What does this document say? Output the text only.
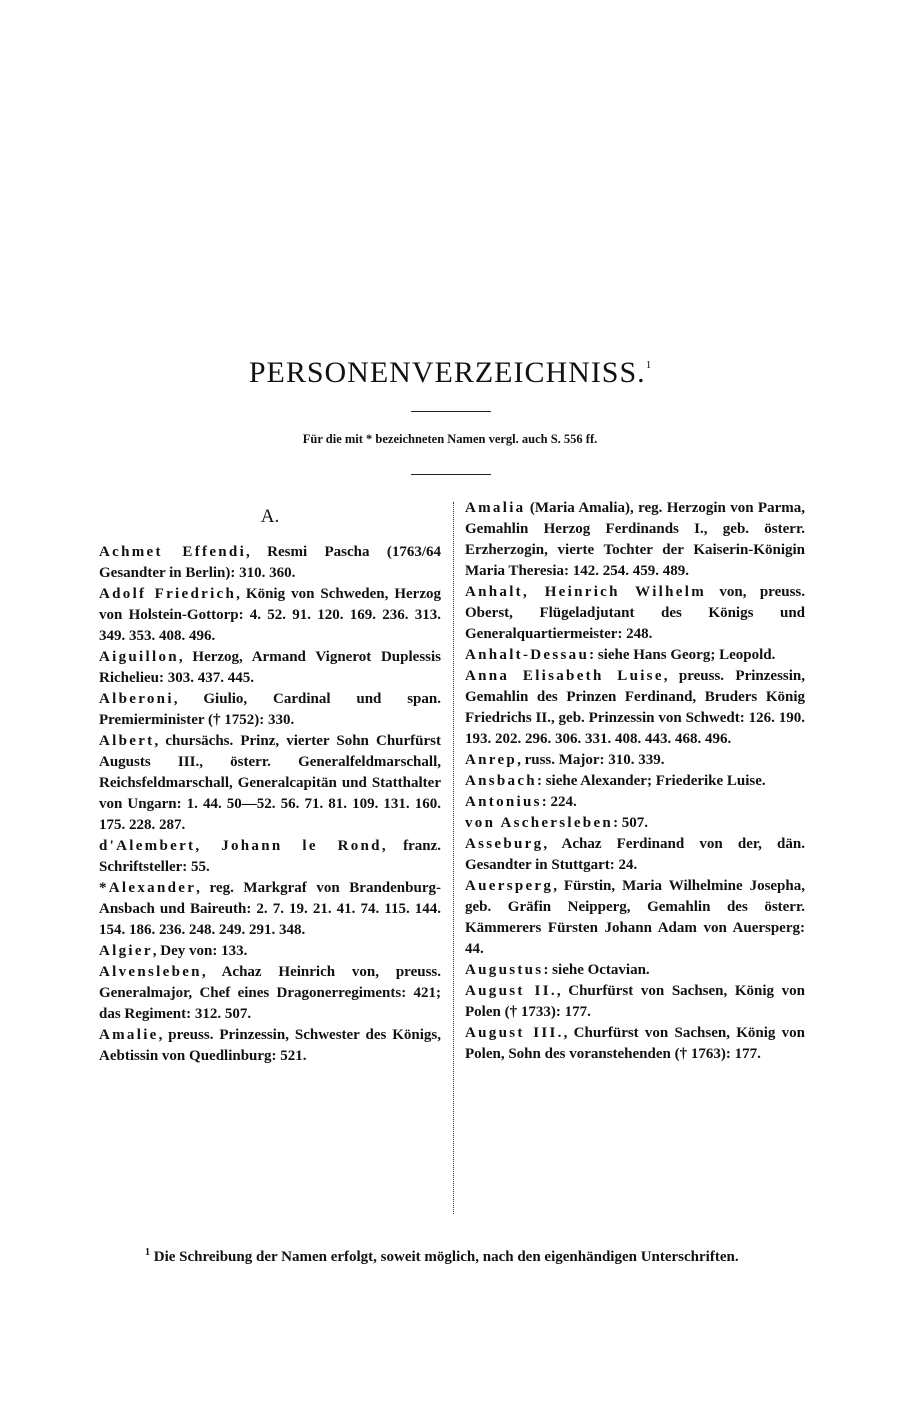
PERSONENVERZEICHNISS.$^1$
Für die mit * bezeichneten Namen vergl. auch S. 556 ff.
A.

Achmet Effendi, Resmi Pascha (1763/64 Gesandter in Berlin): 310. 360.

Adolf Friedrich, König von Schweden, Herzog von Holstein-Gottorp: 4. 52. 91. 120. 169. 236. 313. 349. 353. 408. 496.

Aiguillon, Herzog, Armand Vignerot Duplessis Richelieu: 303. 437. 445.

Alberoni, Giulio, Cardinal und span. Premierminister († 1752): 330.

Albert, chursächs. Prinz, vierter Sohn Churfürst Augusts III., österr. Generalfeldmarschall, Reichsfeldmarschall, Generalcapitän und Statthalter von Ungarn: 1. 44. 50—52. 56. 71. 81. 109. 131. 160. 175. 228. 287.

d'Alembert, Johann le Rond, franz. Schriftsteller: 55.

*Alexander, reg. Markgraf von Brandenburg-Ansbach und Baireuth: 2. 7. 19. 21. 41. 74. 115. 144. 154. 186. 236. 248. 249. 291. 348.

Algier, Dey von: 133.

Alvensleben, Achaz Heinrich von, preuss. Generalmajor, Chef eines Dragonerregiments: 421; das Regiment: 312. 507.

Amalie, preuss. Prinzessin, Schwester des Königs, Aebtissin von Quedlinburg: 521.

Amalia (Maria Amalia), reg. Herzogin von Parma, Gemahlin Herzog Ferdinands I., geb. österr. Erzherzogin, vierte Tochter der Kaiserin-Königin Maria Theresia: 142. 254. 459. 489.

Anhalt, Heinrich Wilhelm von, preuss. Oberst, Flügeladjutant des Königs und Generalquartiermeister: 248.

Anhalt-Dessau: siehe Hans Georg; Leopold.

Anna Elisabeth Luise, preuss. Prinzessin, Gemahlin des Prinzen Ferdinand, Bruders König Friedrichs II., geb. Prinzessin von Schwedt: 126. 190. 193. 202. 296. 306. 331. 408. 443. 468. 496.

Anrep, russ. Major: 310. 339.

Ansbach: siehe Alexander; Friederike Luise.

Antonius: 224.

von Aschersleben: 507.

Asseburg, Achaz Ferdinand von der, dän. Gesandter in Stuttgart: 24.

Auersperg, Fürstin, Maria Wilhelmine Josepha, geb. Gräfin Neipperg, Gemahlin des österr. Kämmerers Fürsten Johann Adam von Auersperg: 44.

Augustus: siehe Octavian.

August II., Churfürst von Sachsen, König von Polen († 1733): 177.

August III., Churfürst von Sachsen, König von Polen, Sohn des voranstehenden († 1763): 177.

$^1$ Die Schreibung der Namen erfolgt, soweit möglich, nach den eigenhändigen Unterschriften.
